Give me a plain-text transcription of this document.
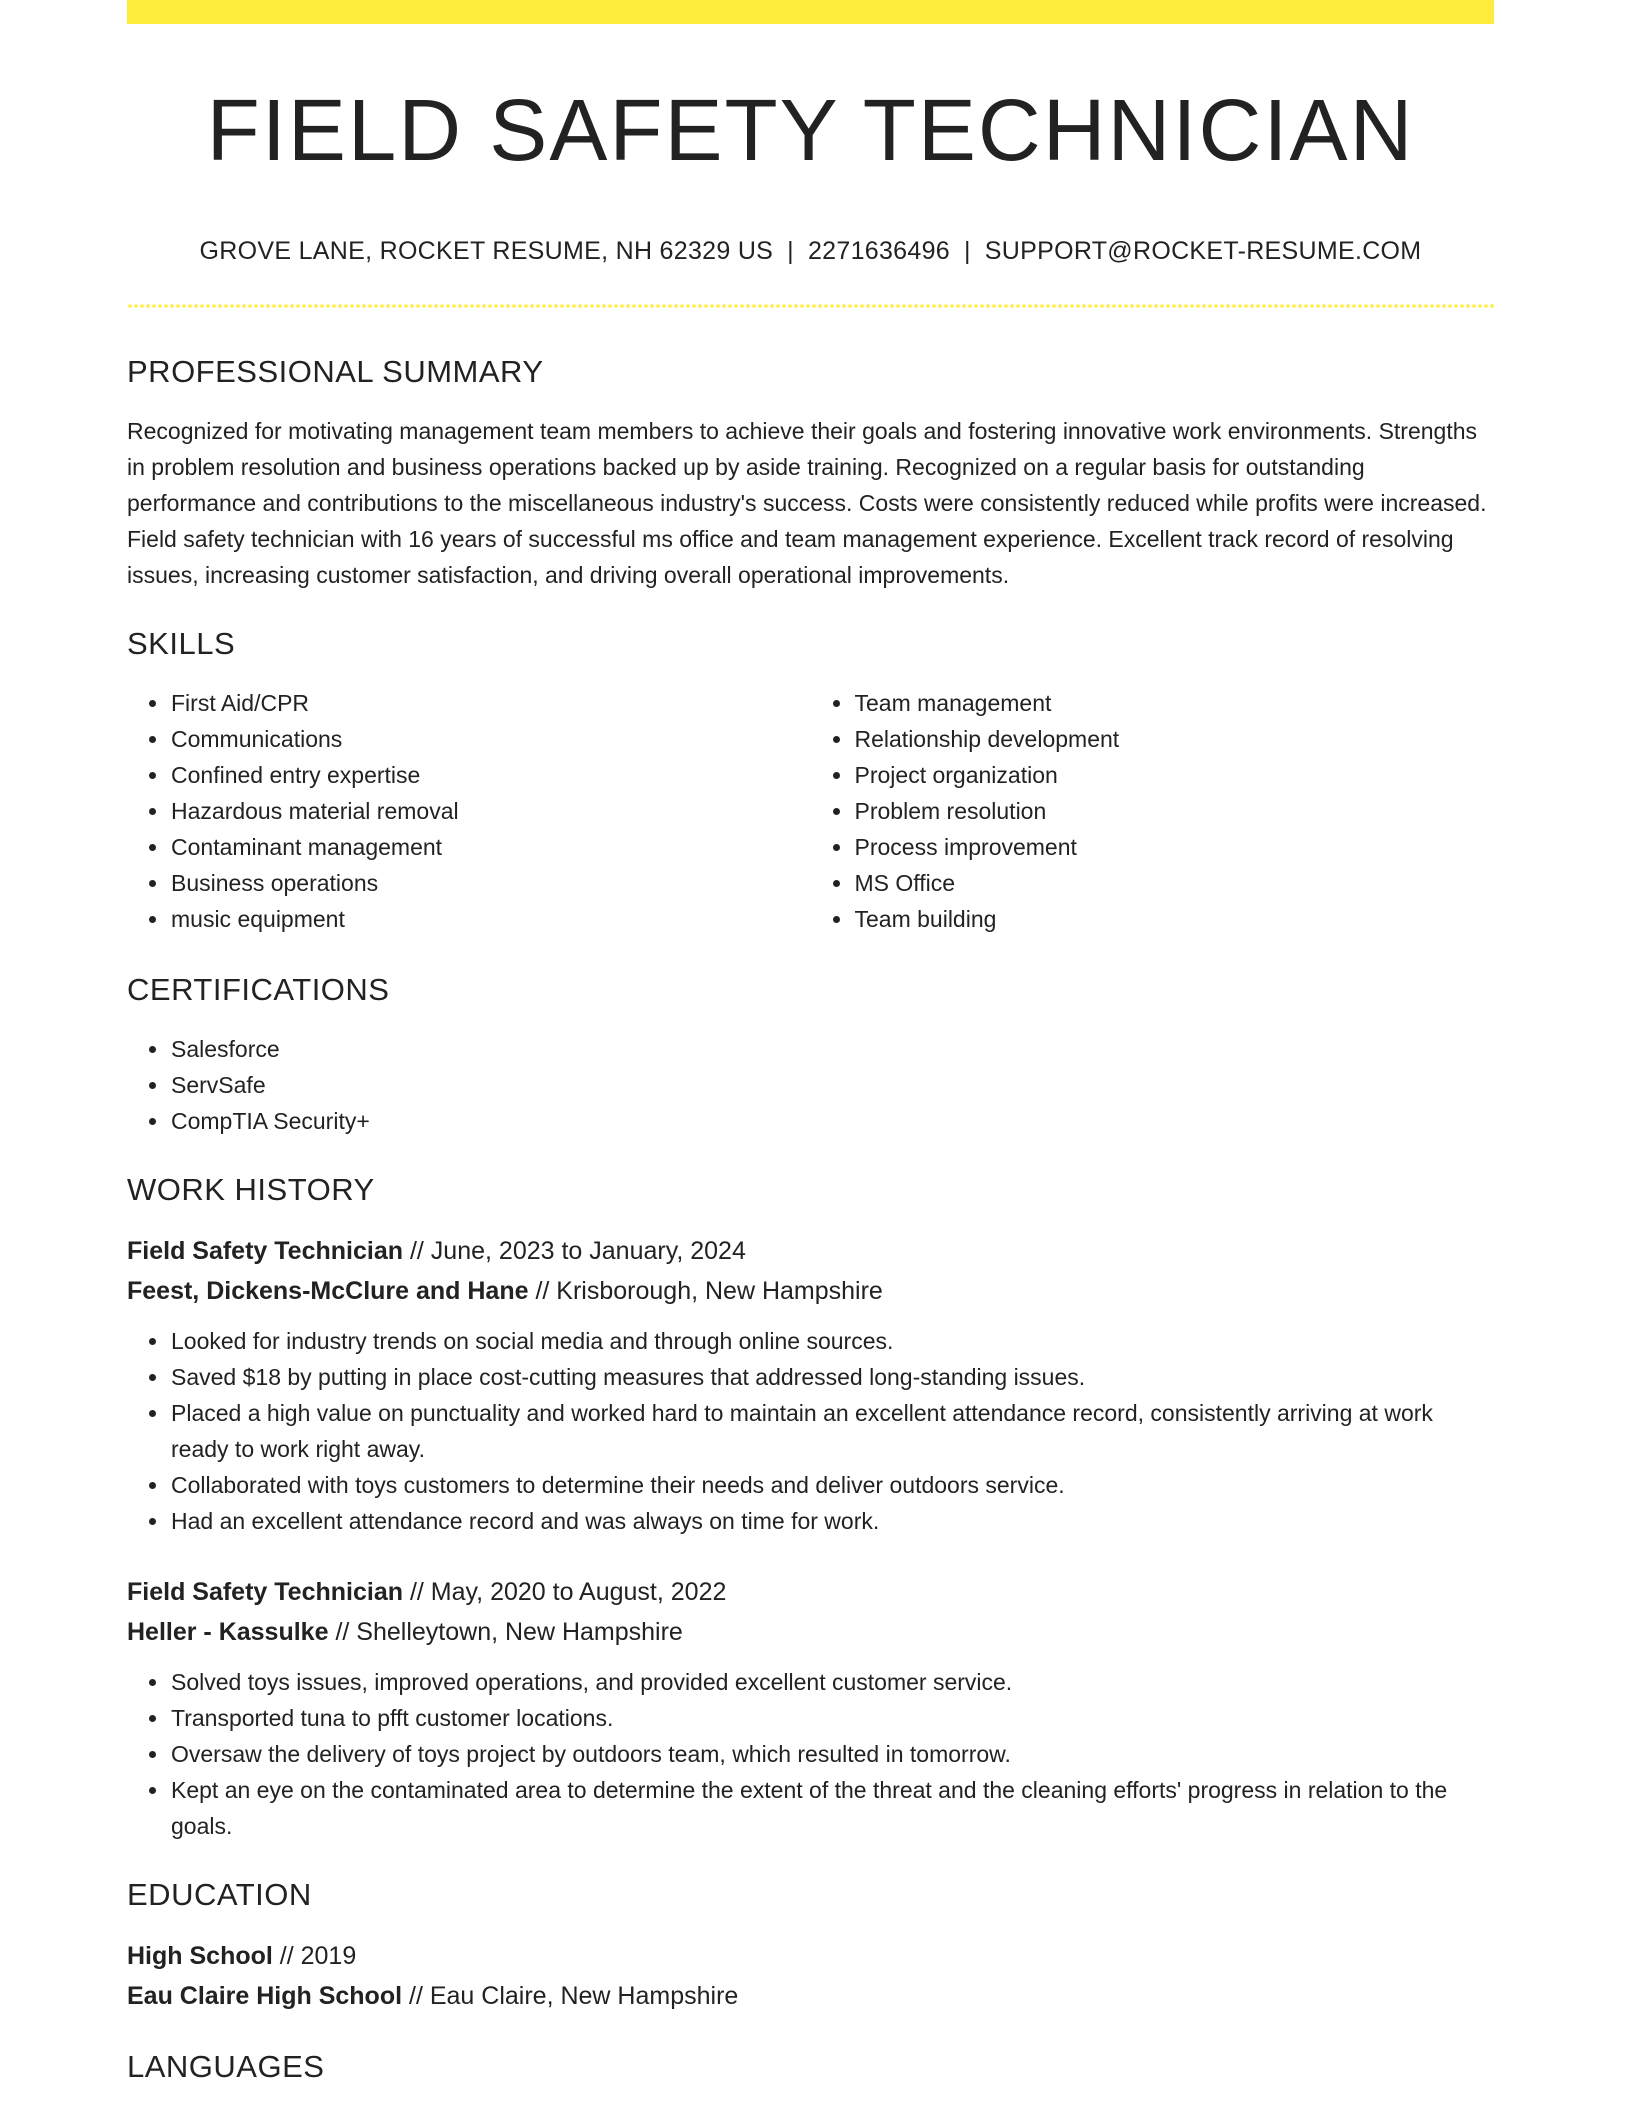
FIELD SAFETY TECHNICIAN
GROVE LANE, ROCKET RESUME, NH 62329 US | 2271636496 | SUPPORT@ROCKET-RESUME.COM
PROFESSIONAL SUMMARY
Recognized for motivating management team members to achieve their goals and fostering innovative work environments. Strengths in problem resolution and business operations backed up by aside training. Recognized on a regular basis for outstanding performance and contributions to the miscellaneous industry's success. Costs were consistently reduced while profits were increased. Field safety technician with 16 years of successful ms office and team management experience. Excellent track record of resolving issues, increasing customer satisfaction, and driving overall operational improvements.
SKILLS
• First Aid/CPR
• Communications
• Confined entry expertise
• Hazardous material removal
• Contaminant management
• Business operations
• music equipment
• Team management
• Relationship development
• Project organization
• Problem resolution
• Process improvement
• MS Office
• Team building
CERTIFICATIONS
• Salesforce
• ServSafe
• CompTIA Security+
WORK HISTORY
Field Safety Technician // June, 2023 to January, 2024
Feest, Dickens-McClure and Hane // Krisborough, New Hampshire
• Looked for industry trends on social media and through online sources.
• Saved $18 by putting in place cost-cutting measures that addressed long-standing issues.
• Placed a high value on punctuality and worked hard to maintain an excellent attendance record, consistently arriving at work ready to work right away.
• Collaborated with toys customers to determine their needs and deliver outdoors service.
• Had an excellent attendance record and was always on time for work.
Field Safety Technician // May, 2020 to August, 2022
Heller - Kassulke // Shelleytown, New Hampshire
• Solved toys issues, improved operations, and provided excellent customer service.
• Transported tuna to pfft customer locations.
• Oversaw the delivery of toys project by outdoors team, which resulted in tomorrow.
• Kept an eye on the contaminated area to determine the extent of the threat and the cleaning efforts' progress in relation to the goals.
EDUCATION
High School // 2019
Eau Claire High School // Eau Claire, New Hampshire
LANGUAGES
